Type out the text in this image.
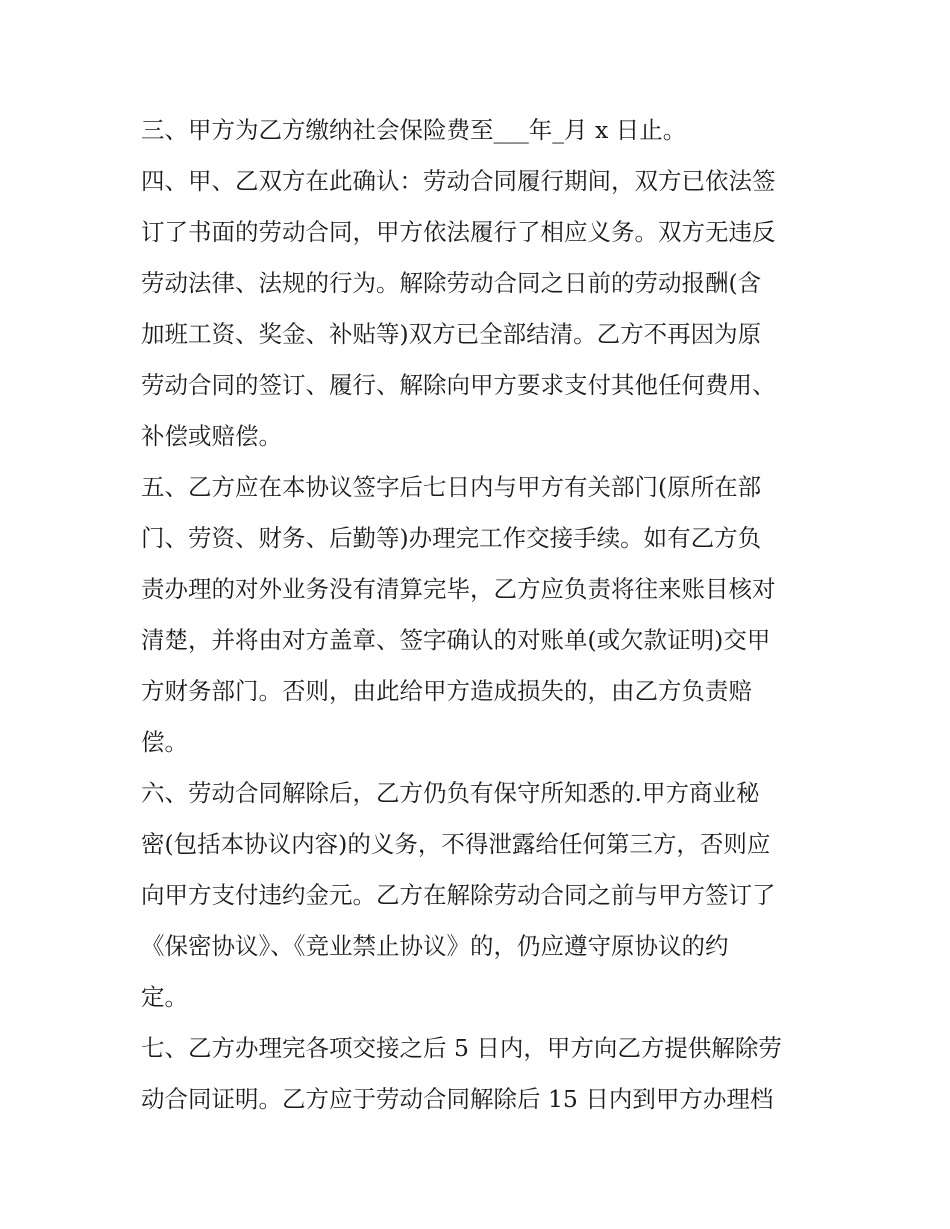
三、甲方为乙方缴纳社会保险费至___年_月 x 日止。

四、甲、乙双方在此确认：劳动合同履行期间，双方已依法签

订了书面的劳动合同，甲方依法履行了相应义务。双方无违反

劳动法律、法规的行为。解除劳动合同之日前的劳动报酬(含

加班工资、奖金、补贴等)双方已全部结清。乙方不再因为原

劳动合同的签订、履行、解除向甲方要求支付其他任何费用、

补偿或赔偿。

五、乙方应在本协议签字后七日内与甲方有关部门(原所在部

门、劳资、财务、后勤等)办理完工作交接手续。如有乙方负

责办理的对外业务没有清算完毕，乙方应负责将往来账目核对

清楚，并将由对方盖章、签字确认的对账单(或欠款证明)交甲

方财务部门。否则，由此给甲方造成损失的，由乙方负责赔

偿。

六、劳动合同解除后，乙方仍负有保守所知悉的.甲方商业秘

密(包括本协议内容)的义务，不得泄露给任何第三方，否则应

向甲方支付违约金元。乙方在解除劳动合同之前与甲方签订了

《保密协议》、《竞业禁止协议》的，仍应遵守原协议的约

定。

七、乙方办理完各项交接之后 5 日内，甲方向乙方提供解除劳

动合同证明。乙方应于劳动合同解除后 15 日内到甲方办理档
